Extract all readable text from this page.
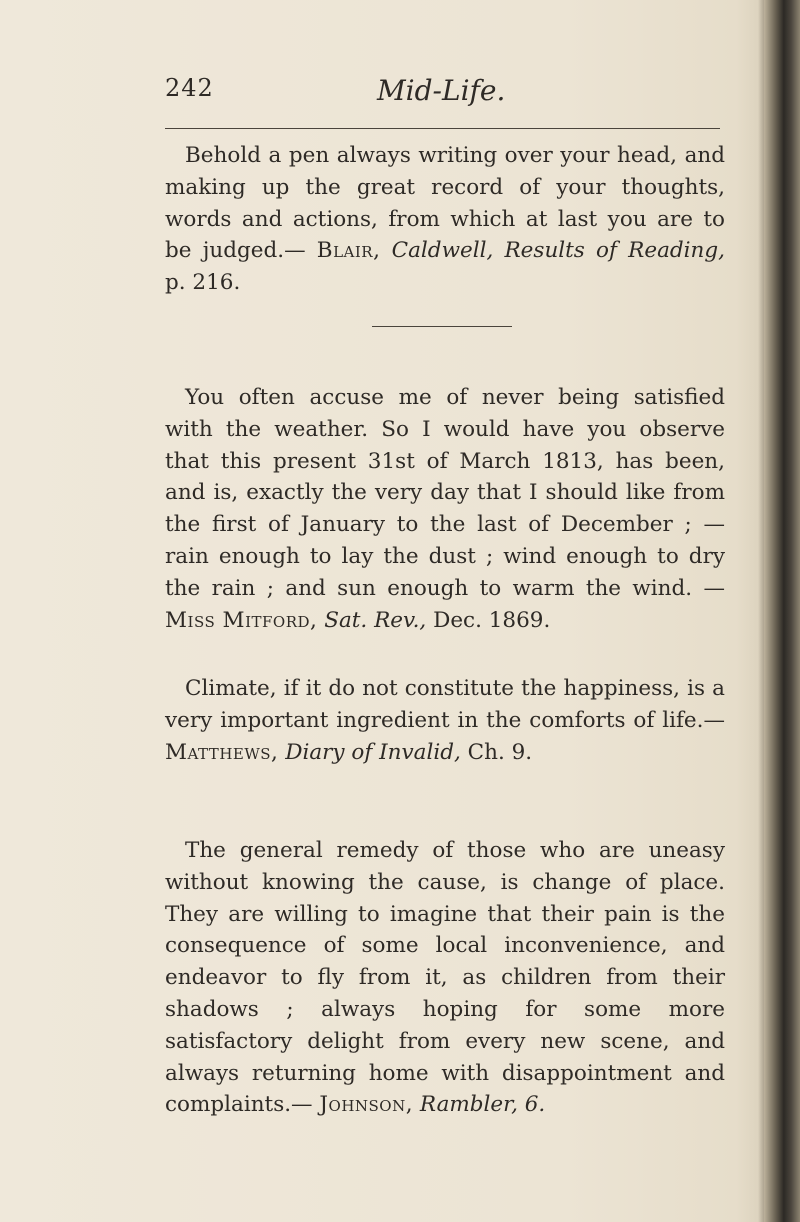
242	Mid-Life.

Behold a pen always writing over your head, and making up the great record of your thoughts, words and actions, from which at last you are to be judged.— Blair, Caldwell, Results of Reading, p. 216.

You often accuse me of never being satisfied with the weather. So I would have you observe that this present 31st of March 1813, has been, and is, exactly the very day that I should like from the first of January to the last of December ; — rain enough to lay the dust ; wind enough to dry the rain ; and sun enough to warm the wind. — Miss Mitford, Sat. Rev., Dec. 1869.

Climate, if it do not constitute the happiness, is a very important ingredient in the comforts of life.— Matthews, Diary of Invalid, Ch. 9.

The general remedy of those who are uneasy without knowing the cause, is change of place. They are willing to imagine that their pain is the consequence of some local inconvenience, and endeavor to fly from it, as children from their shadows ; always hoping for some more satisfactory delight from every new scene, and always returning home with disappointment and complaints.— Johnson, Rambler, 6.
